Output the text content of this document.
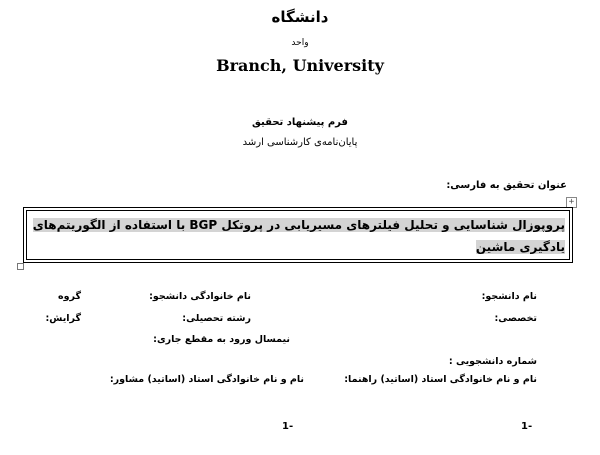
دانشگاه
واحد
Branch, University
فرم پیشنهاد تحقیق
پایان‌نامه‌ی کارشناسی ارشد
عنوان تحقیق به فارسی:
+
پروپوزال شناسایی و تحلیل فیلترهای مسیریابی در پروتکل BGP با استفاده از الگوریتم‌های یادگیری ماشین
نام دانشجو:
نام خانوادگی دانشجو:
گروه
تخصصی:
رشته تحصیلی:
گرایش:
نیمسال ورود به مقطع جاری:
شماره دانشجویی :
نام و نام خانوادگی استاد (اساتید) راهنما:
نام و نام خانوادگی استاد (اساتید) مشاور:
1-
1-
